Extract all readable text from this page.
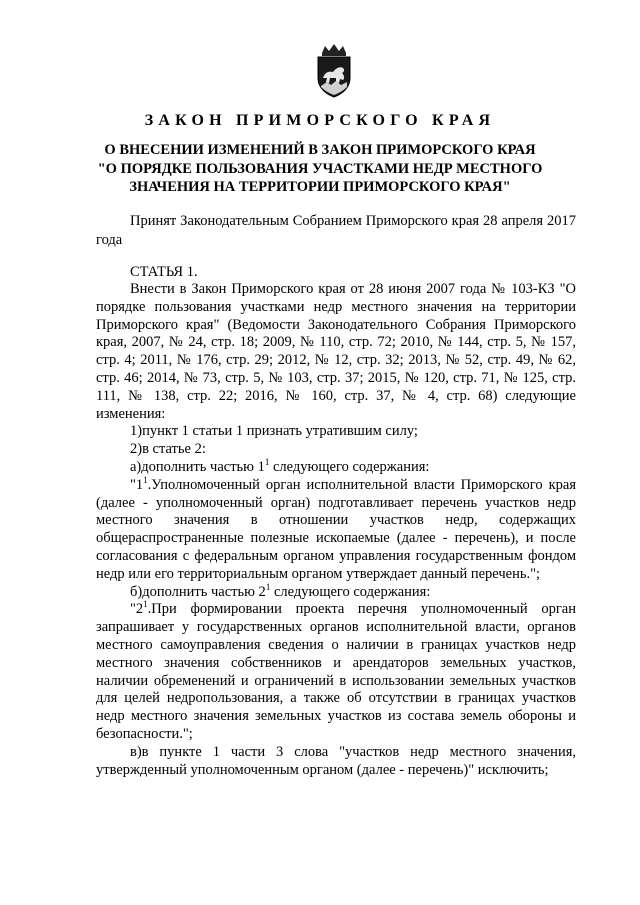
ЗАКОН ПРИМОРСКОГО КРАЯ
О ВНЕСЕНИИ ИЗМЕНЕНИЙ В ЗАКОН ПРИМОРСКОГО КРАЯ
"О ПОРЯДКЕ ПОЛЬЗОВАНИЯ УЧАСТКАМИ НЕДР МЕСТНОГО
ЗНАЧЕНИЯ НА ТЕРРИТОРИИ ПРИМОРСКОГО КРАЯ"
Принят Законодательным Собранием Приморского края 28 апреля 2017 года
СТАТЬЯ 1.

Внести в Закон Приморского края от 28 июня 2007 года № 103-КЗ "О порядке пользования участками недр местного значения на территории Приморского края" (Ведомости Законодательного Собрания Приморского края, 2007, № 24, стр. 18; 2009, № 110, стр. 72; 2010, № 144, стр. 5, № 157, стр. 4; 2011, № 176, стр. 29; 2012, № 12, стр. 32; 2013, № 52, стр. 49, № 62, стр. 46; 2014, № 73, стр. 5, № 103, стр. 37; 2015, № 120, стр. 71, № 125, стр. 111, № 138, стр. 22; 2016, № 160, стр. 37, № 4, стр. 68) следующие изменения:

1)пункт 1 статьи 1 признать утратившим силу;

2)в статье 2:

а)дополнить частью $1^1$ следующего содержания:

"$1^1.Уполномоченный$ орган исполнительной власти Приморского края (далее - уполномоченный орган) подготавливает перечень участков недр местного значения в отношении участков недр, содержащих общераспространенные полезные ископаемые (далее - перечень), и после согласования с федеральным органом управления государственным фондом недр или его территориальным органом утверждает данный перечень.";

б)дополнить частью $2^1$ следующего содержания:

"$2^1.При$ формировании проекта перечня уполномоченный орган запрашивает у государственных органов исполнительной власти, органов местного самоуправления сведения о наличии в границах участков недр местного значения собственников и арендаторов земельных участков, наличии обременений и ограничений в использовании земельных участков для целей недропользования, а также об отсутствии в границах участков недр местного значения земельных участков из состава земель обороны и безопасности.";

в)в пункте 1 части 3 слова "участков недр местного значения, утвержденный уполномоченным органом (далее - перечень)" исключить;
